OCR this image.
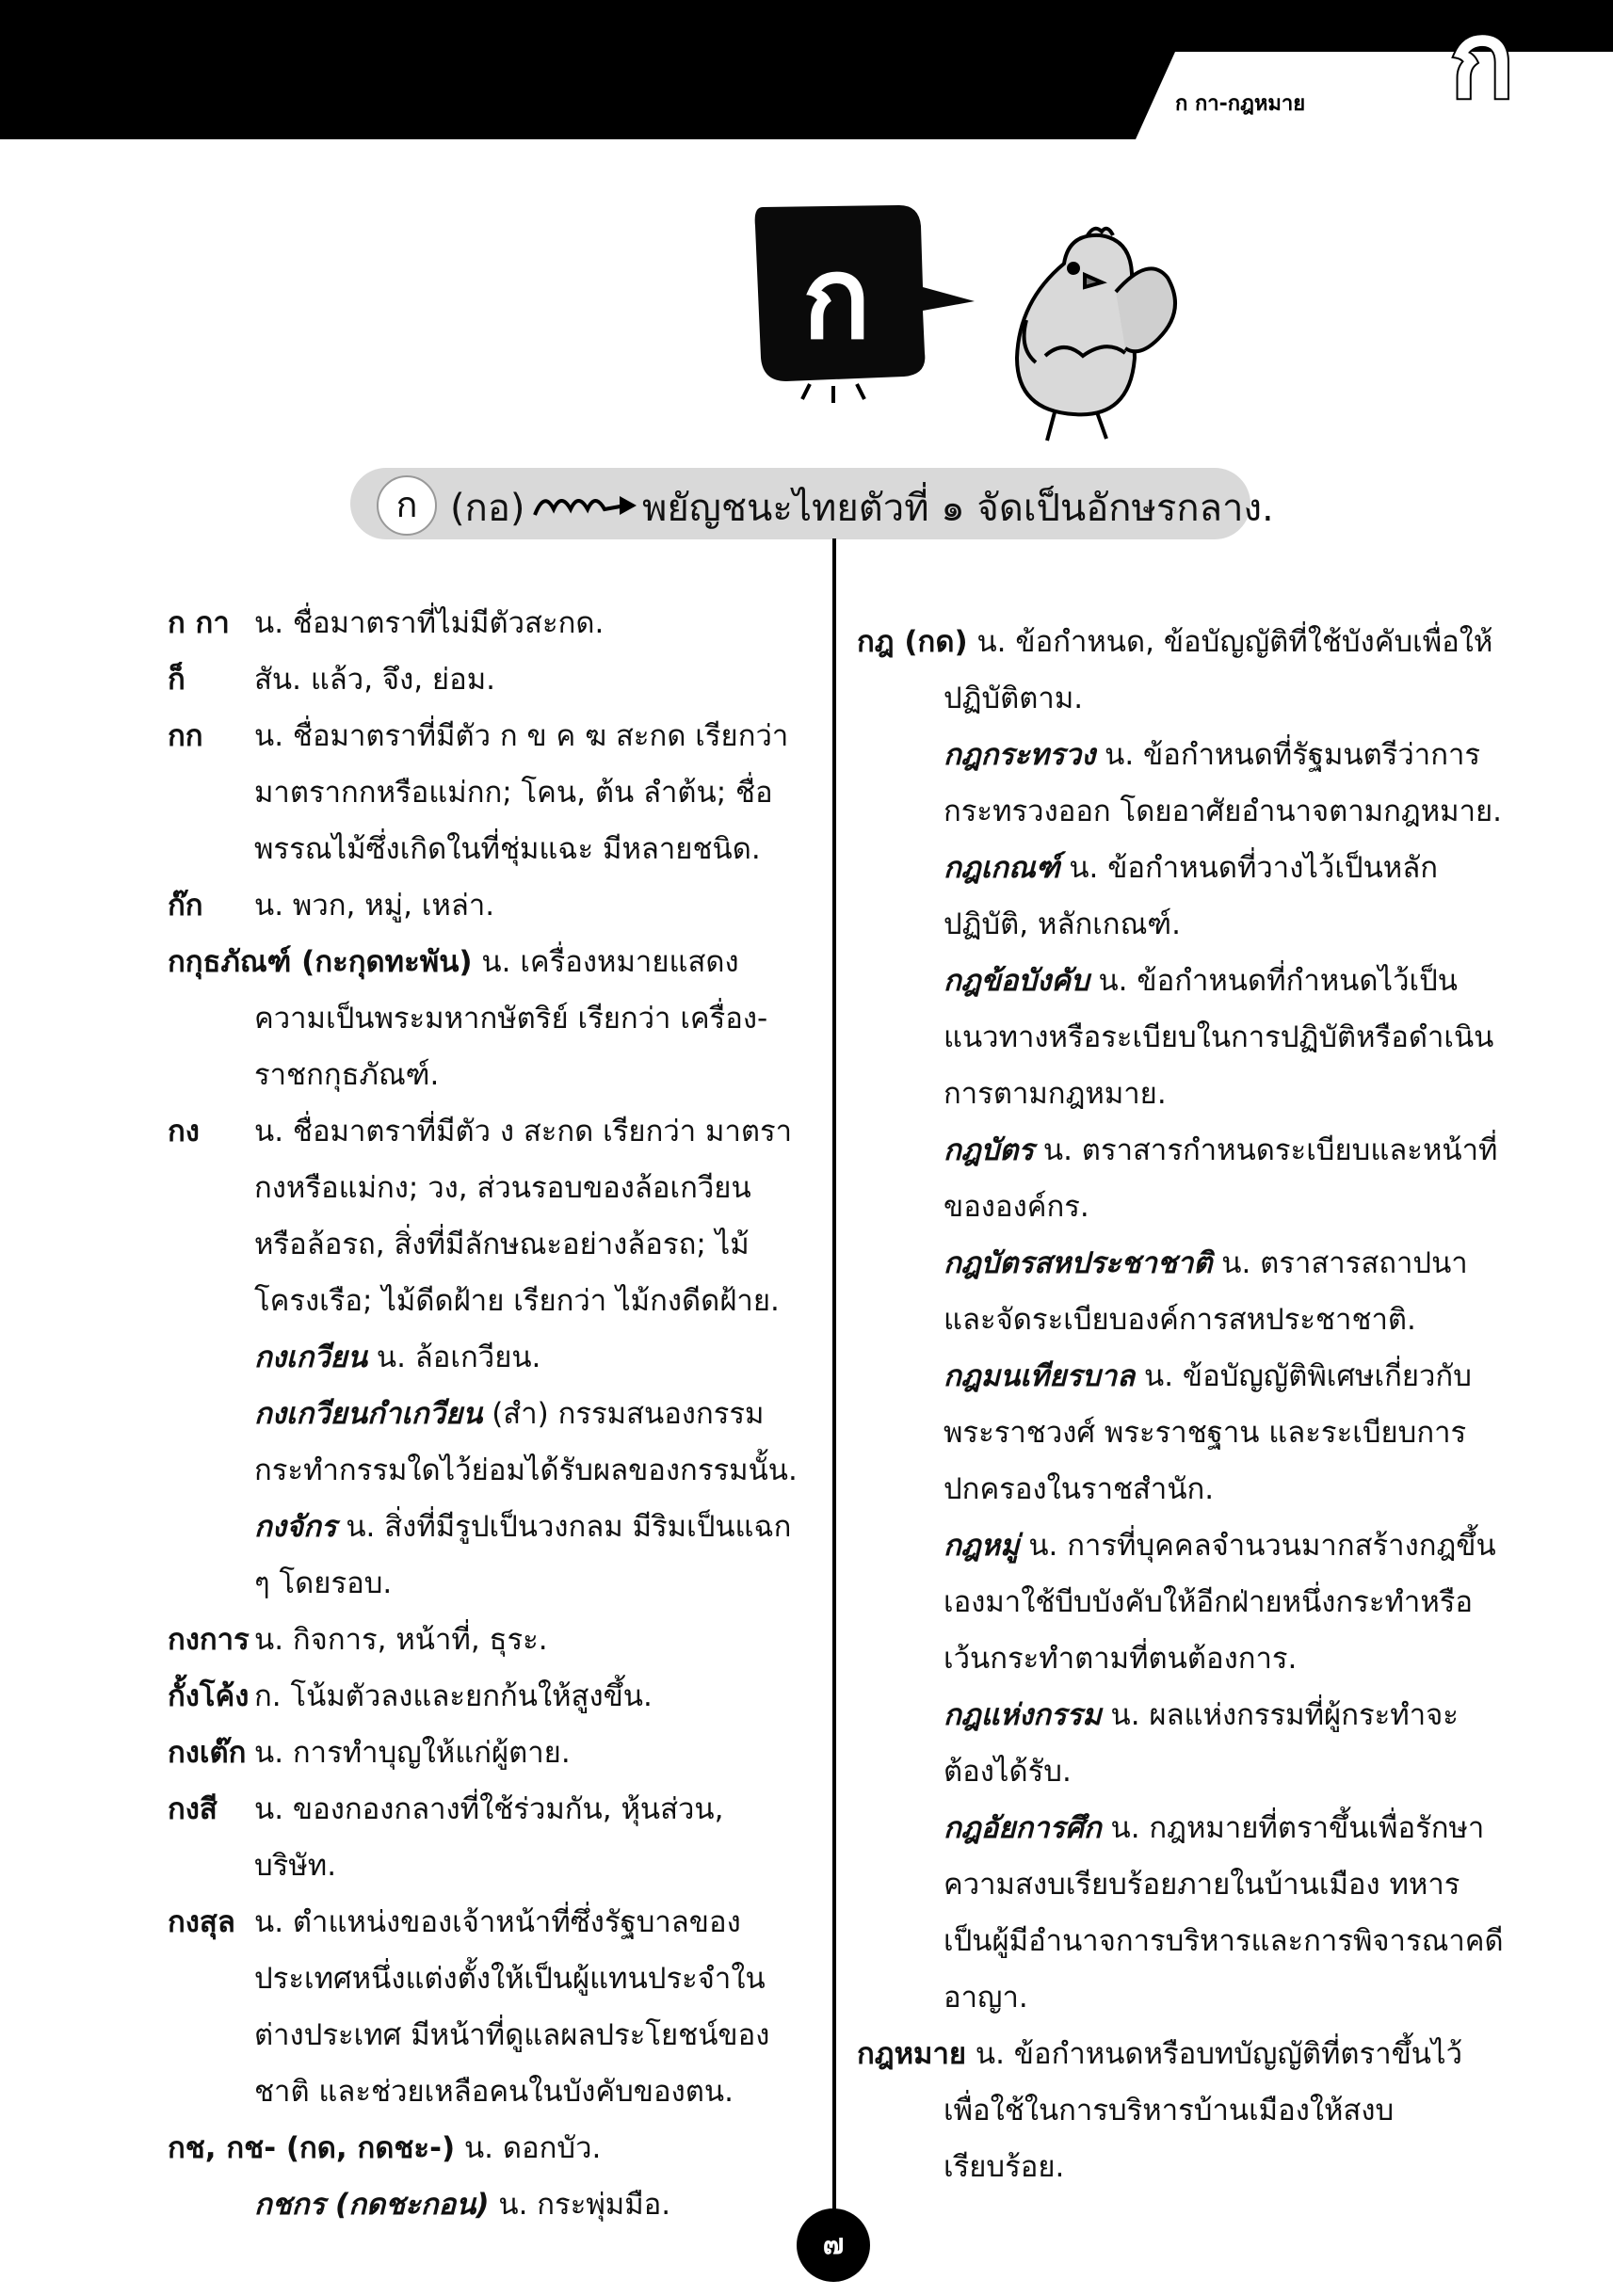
ก กา-กฎหมาย ก
ก
ก (กอ)	พยัญชนะไทยตัวที่ ๑ จัดเป็นอักษรกลาง.
ก กา น. ชื่อมาตราที่ไม่มีตัวสะกด.
ก็	สัน. แล้ว, จึง, ย่อม.
กก	น. ชื่อมาตราที่มีตัว ก ข ค ฆ สะกด เรียกว่า มาตรากกหรือแม่กก; โคน, ต้น ลำต้น; ชื่อพรรณไม้ซึ่งเกิดในที่ชุ่มแฉะ มีหลายชนิด.
ก๊ก	น. พวก, หมู่, เหล่า.

กกุธภัณฑ์ (กะกุดทะพัน) น. เครื่องหมายแสดงความเป็นพระมหากษัตริย์ เรียกว่า เครื่อง-ราชกกุธภัณฑ์.

กง	น. ชื่อมาตราที่มีตัว ง สะกด เรียกว่า มาตรากงหรือแม่กง; วง, ส่วนรอบของล้อเกวียนหรือล้อรถ, สิ่งที่มีลักษณะอย่างล้อรถ; ไม้โครงเรือ; ไม้ดีดฝ้าย เรียกว่า ไม้กงดีดฝ้าย.
กงเกวียน น. ล้อเกวียน.
กงเกวียนกำเกวียน (สำ) กรรมสนองกรรม กระทำกรรมใดไว้ย่อมได้รับผลของกรรมนั้น.
กงจักร น. สิ่งที่มีรูปเป็นวงกลม มีริมเป็นแฉก ๆ โดยรอบ.
กงการ น. กิจการ, หน้าที่, ธุระ.
กั้งโค้ง ก. โน้มตัวลงและยกก้นให้สูงขึ้น.
กงเต๊ก น. การทำบุญให้แก่ผู้ตาย.
กงสี	น. ของกองกลางที่ใช้ร่วมกัน, หุ้นส่วน, บริษัท.
กงสุล น. ตำแหน่งของเจ้าหน้าที่ซึ่งรัฐบาลของประเทศหนึ่งแต่งตั้งให้เป็นผู้แทนประจำในต่างประเทศ มีหน้าที่ดูแลผลประโยชน์ของชาติ และช่วยเหลือคนในบังคับของตน.

กช, กช- (กด, กดชะ-) น. ดอกบัว.

กชกร (กดชะกอน) น. กระพุ่มมือ.

กฎ (กด) น. ข้อกำหนด, ข้อบัญญัติที่ใช้บังคับเพื่อให้ปฏิบัติตาม.

กฎกระทรวง น. ข้อกำหนดที่รัฐมนตรีว่าการกระทรวงออก โดยอาศัยอำนาจตามกฎหมาย.
กฎเกณฑ์ น. ข้อกำหนดที่วางไว้เป็นหลักปฏิบัติ, หลักเกณฑ์.
กฎข้อบังคับ น. ข้อกำหนดที่กำหนดไว้เป็นแนวทางหรือระเบียบในการปฏิบัติหรือดำเนินการตามกฎหมาย.
กฎบัตร น. ตราสารกำหนดระเบียบและหน้าที่ขององค์กร.
กฎบัตรสหประชาชาติ น. ตราสารสถาปนาและจัดระเบียบองค์การสหประชาชาติ.
กฎมนเทียรบาล น. ข้อบัญญัติพิเศษเกี่ยวกับพระราชวงศ์ พระราชฐาน และระเบียบการปกครองในราชสำนัก.
กฎหมู่ น. การที่บุคคลจำนวนมากสร้างกฎขึ้นเองมาใช้บีบบังคับให้อีกฝ่ายหนึ่งกระทำหรือเว้นกระทำตามที่ตนต้องการ.
กฎแห่งกรรม น. ผลแห่งกรรมที่ผู้กระทำจะต้องได้รับ.
กฎอัยการศึก น. กฎหมายที่ตราขึ้นเพื่อรักษาความสงบเรียบร้อยภายในบ้านเมือง ทหารเป็นผู้มีอำนาจการบริหารและการพิจารณาคดีอาญา.

กฎหมาย น. ข้อกำหนดหรือบทบัญญัติที่ตราขึ้นไว้เพื่อใช้ในการบริหารบ้านเมืองให้สงบเรียบร้อย.

๗
